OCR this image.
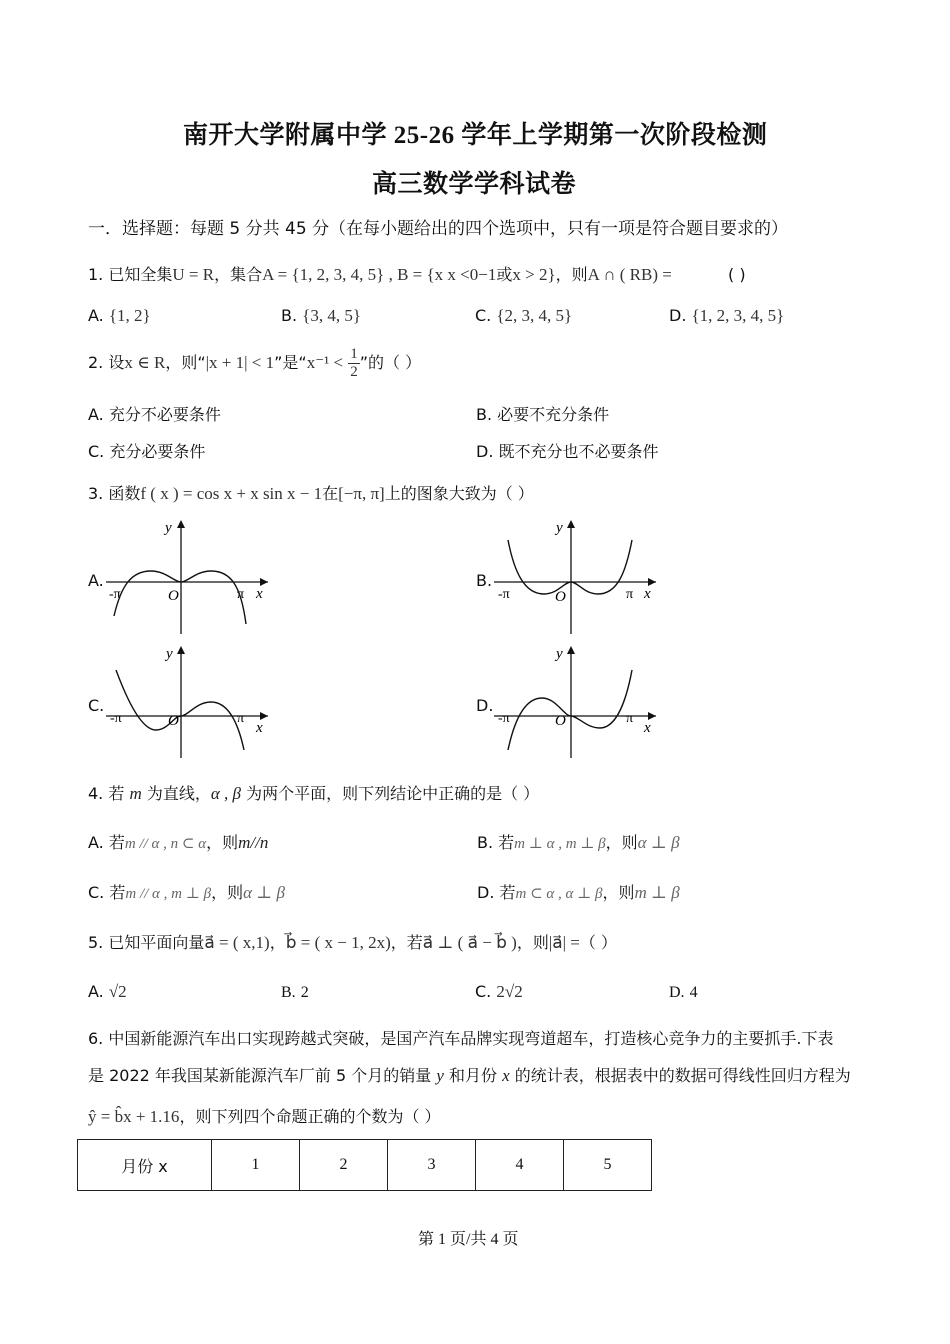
南开大学附属中学 25-26 学年上学期第一次阶段检测
高三数学学科试卷
一．选择题：每题 5 分共 45 分（在每小题给出的四个选项中，只有一项是符合题目要求的）
1. 已知全集U = R，集合A = {1, 2, 3, 4, 5} , B = {x x <0−1或x > 2}，则A ∩ ( RB) =	( )
A. {1, 2}	B. {3, 4, 5}	C. {2, 3, 4, 5}	D. {1, 2, 3, 4, 5}
2. 设x ∈ R，则“|x + 1| < 1”是“$x^{-1} < \frac{1}{2}$ ”的（ ）
A. 充分不必要条件	B. 必要不充分条件
C. 充分必要条件	D. 既不充分也不必要条件
3. 函数f ( x ) = cos x + x sin x − 1在[−π, π]上的图象大致为（ ）
A.
y
x
O
-π	π
B.
y
x
O
-π	π
C.
y
x
O
-π	π
D.
y
x
O
-π	π
4. 若 m 为直线，α , β 为两个平面，则下列结论中正确的是（ ）
A. 若m // α , n ⊂ α，则m//n	B. 若m ⊥ α , m ⊥ β，则α ⊥ β
C. 若m // α , m ⊥ β，则α ⊥ β	D. 若m ⊂ α , α ⊥ β，则m ⊥ β
5. 已知平面向量a⃗ = ( x,1)，b⃗ = ( x − 1, 2x)，若a⃗ ⊥ ( a⃗ − b⃗ )，则|a⃗| =（ ）
A. √2	B. 2	C. 2√2	D. 4
6. 中国新能源汽车出口实现跨越式突破，是国产汽车品牌实现弯道超车，打造核心竞争力的主要抓手.下表
是 2022 年我国某新能源汽车厂前 5 个月的销量 y 和月份 x 的统计表，根据表中的数据可得线性回归方程为
ŷ = b̂x + 1.16，则下列四个命题正确的个数为（ ）
月份 x	1	2	3	4	5
第 1 页/共 4 页
